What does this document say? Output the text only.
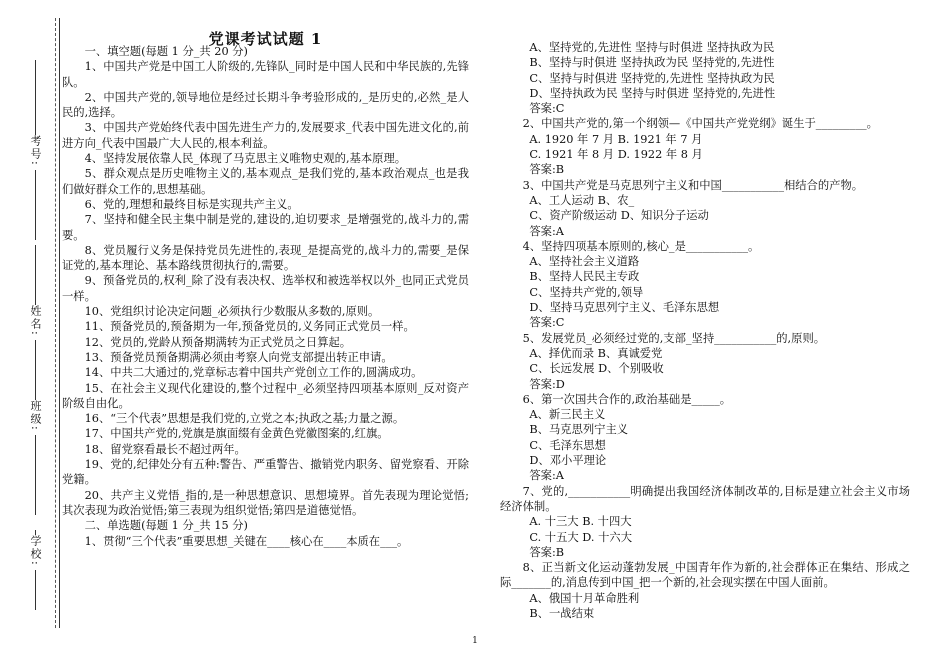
考号:
姓名:
班级:
学校:
党课考试试题 1

一、填空题(每题 1 分_共 20 分)

1、中国共产党是中国工人阶级的,先锋队_同时是中国人民和中华民族的,先锋队。

2、中国共产党的,领导地位是经过长期斗争考验形成的,_是历史的,必然_是人民的,选择。

3、中国共产党始终代表中国先进生产力的,发展要求_代表中国先进文化的,前进方向_代表中国最广大人民的,根本利益。

4、坚持发展依靠人民_体现了马克思主义唯物史观的,基本原理。

5、群众观点是历史唯物主义的,基本观点_是我们党的,基本政治观点_也是我们做好群众工作的,思想基础。

6、党的,理想和最终目标是实现共产主义。

7、坚持和健全民主集中制是党的,建设的,迫切要求_是增强党的,战斗力的,需要。

8、党员履行义务是保持党员先进性的,表现_是提高党的,战斗力的,需要_是保证党的,基本理论、基本路线贯彻执行的,需要。

9、预备党员的,权利_除了没有表决权、选举权和被选举权以外_也同正式党员一样。

10、党组织讨论决定问题_必须执行少数服从多数的,原则。

11、预备党员的,预备期为一年,预备党员的,义务同正式党员一样。

12、党员的,党龄从预备期满转为正式党员之日算起。

13、预备党员预备期满必须由考察人向党支部提出转正申请。

14、中共二大通过的,党章标志着中国共产党创立工作的,圆满成功。

15、在社会主义现代化建设的,整个过程中_必须坚持四项基本原则_反对资产阶级自由化。

16、“三个代表”思想是我们党的,立党之本;执政之基;力量之源。

17、中国共产党的,党旗是旗面缀有金黄色党徽图案的,红旗。

18、留党察看最长不超过两年。

19、党的,纪律处分有五种:警告、严重警告、撤销党内职务、留党察看、开除党籍。

20、共产主义党悟_指的,是一种思想意识、思想境界。首先表现为理论觉悟;其次表现为政治觉悟;第三表现为组织觉悟;第四是道德觉悟。

二、单选题(每题 1 分_共 15 分)

1、贯彻“三个代表”重要思想_关键在____核心在____本质在___。

A、坚持党的,先进性 坚持与时俱进 坚持执政为民

B、坚持与时俱进 坚持执政为民 坚持党的,先进性

C、坚持与时俱进 坚持党的,先进性 坚持执政为民

D、坚持执政为民 坚持与时俱进 坚持党的,先进性

答案:C

2、中国共产党的,第一个纲领—《中国共产党党纲》诞生于_________。

A. 1920 年 7 月 B. 1921 年 7 月

C. 1921 年 8 月 D. 1922 年 8 月

答案:B

3、中国共产党是马克思列宁主义和中国___________相结合的产物。

A、工人运动 B、农_

C、资产阶级运动 D、知识分子运动

答案:A

4、坚持四项基本原则的,核心_是___________。

A、坚持社会主义道路

B、坚持人民民主专政

C、坚持共产党的,领导

D、坚持马克思列宁主义、毛泽东思想

答案:C

5、发展党员_必须经过党的,支部_坚持___________的,原则。

A、择优而录 B、真诚爱党

C、长远发展 D、个别吸收

答案:D

6、第一次国共合作的,政治基础是_____。

A、新三民主义

B、马克思列宁主义

C、毛泽东思想

D、邓小平理论

答案:A

7、党的,___________明确提出我国经济体制改革的,目标是建立社会主义市场经济体制。

A. 十三大 B. 十四大

C. 十五大 D. 十六大

答案:B

8、正当新文化运动蓬勃发展_中国青年作为新的,社会群体正在集结、形成之际_______的,消息传到中国_把一个新的,社会现实摆在中国人面前。

A、俄国十月革命胜利

B、一战结束

1
